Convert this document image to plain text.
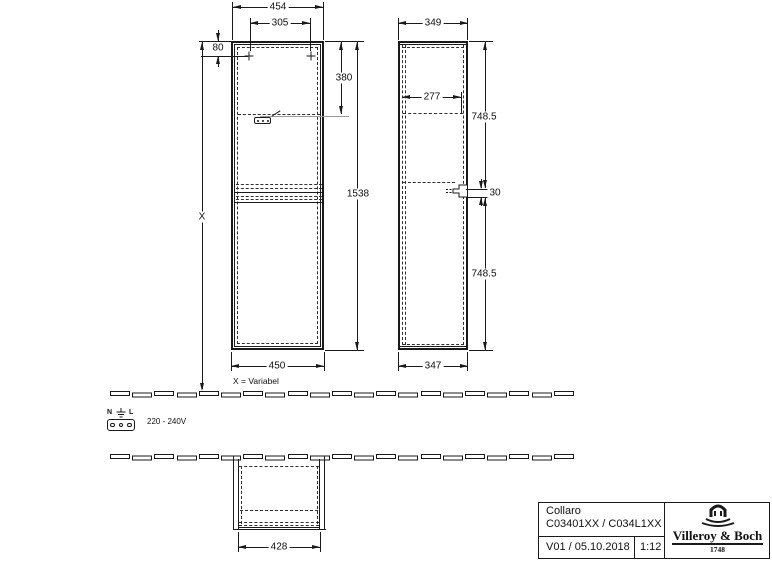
454
305
80
X
380
1538
450
X = Variabel
349
277
748.5
30
748.5
347
N L
220 - 240V
428
Collaro
C03401XX / C034L1XX
V01 / 05.10.2018 1:12
Villeroy & Boch
1748
